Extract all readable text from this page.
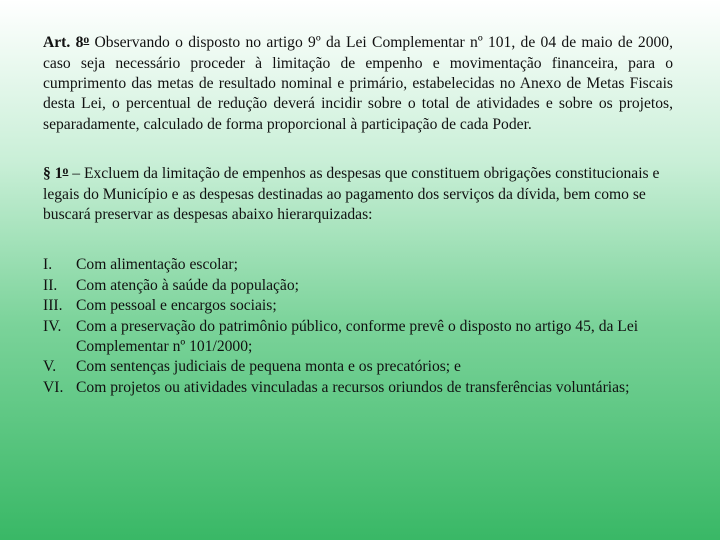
Art. 8$^o$ Observando o disposto no artigo 9º da Lei Complementar nº 101, de 04 de maio de 2000, caso seja necessário proceder à limitação de empenho e movimentação financeira, para o cumprimento das metas de resultado nominal e primário, estabelecidas no Anexo de Metas Fiscais desta Lei, o percentual de redução deverá incidir sobre o total de atividades e sobre os projetos, separadamente, calculado de forma proporcional à participação de cada Poder.

§ 1$^o$ – Excluem da limitação de empenhos as despesas que constituem obrigações constitucionais e legais do Município e as despesas destinadas ao pagamento dos serviços da dívida, bem como se buscará preservar as despesas abaixo hierarquizadas:

I.	Com alimentação escolar;
II.	Com atenção à saúde da população;
III. Com pessoal e encargos sociais;
IV. Com a preservação do patrimônio público, conforme prevê o disposto no artigo 45, da Lei Complementar nº 101/2000;
V.	Com sentenças judiciais de pequena monta e os precatórios; e
VI. Com projetos ou atividades vinculadas a recursos oriundos de transferências voluntárias;
